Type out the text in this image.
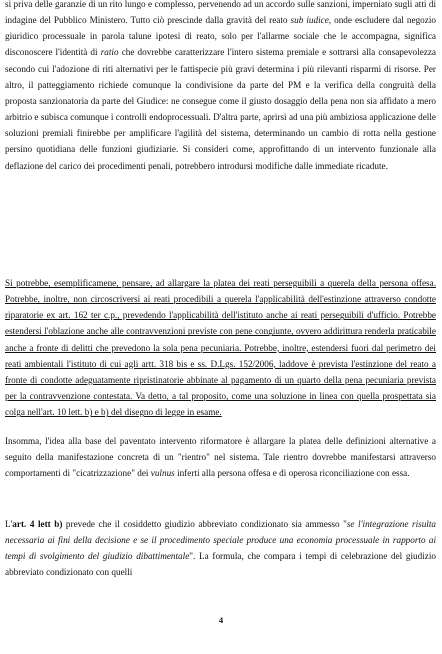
si priva delle garanzie di un rito lungo e complesso, pervenendo ad un accordo sulle sanzioni, imperniato sugli atti di indagine del Pubblico Ministero. Tutto ciò prescinde dalla gravità del reato sub iudice, onde escludere dal negozio giuridico processuale in parola talune ipotesi di reato, solo per l'allarme sociale che le accompagna, significa disconoscere l'identità di ratio che dovrebbe caratterizzare l'intero sistema premiale e sottrarsi alla consapevolezza secondo cui l'adozione di riti alternativi per le fattispecie più gravi determina i più rilevanti risparmi di risorse. Per altro, il patteggiamento richiede comunque la condivisione da parte del PM e la verifica della congruità della proposta sanzionatoria da parte del Giudice: ne consegue come il giusto dosaggio della pena non sia affidato a mero arbitrio e subisca comunque i controlli endoprocessuali. D'altra parte, aprirsi ad una più ambiziosa applicazione delle soluzioni premiali finirebbe per amplificare l'agilità del sistema, determinando un cambio di rotta nella gestione persino quotidiana delle funzioni giudiziarie. Si consideri come, approfittando di un intervento funzionale alla deflazione del carico dei procedimenti penali, potrebbero introdursi modifiche dalle immediate ricadute.

Si potrebbe, esemplificamene, pensare, ad allargare la platea dei reati perseguibili a querela della persona offesa. Potrebbe, inoltre, non circoscriversi ai reati procedibili a querela l'applicabilità dell'estinzione attraverso condotte riparatorie ex art. 162 ter c.p., prevedendo l'applicabilità dell'istituto anche ai reati perseguibili d'ufficio. Potrebbe estendersi l'oblazione anche alle contravvenzioni previste con pene congiunte, ovvero addirittura renderla praticabile anche a fronte di delitti che prevedono la sola pena pecuniaria. Potrebbe, inoltre, estendersi fuori dal perimetro dei reati ambientali l'istituto di cui agli artt. 318 bis e ss. D.Lgs. 152/2006, laddove è prevista l'estinzione del reato a fronte di condotte adeguatamente ripristinatorie abbinate al pagamento di un quarto della pena pecuniaria prevista per la contravvenzione contestata. Va detto, a tal proposito, come una soluzione in linea con quella prospettata sia colga nell'art. 10 lett. b) e b) del disegno di legge in esame.

Insomma, l'idea alla base del paventato intervento riformatore è allargare la platea delle definizioni alternative a seguito della manifestazione concreta di un "rientro" nel sistema. Tale rientro dovrebbe manifestarsi attraverso comportamenti di "cicatrizzazione" dei vulnus inferti alla persona offesa e di operosa riconciliazione con essa.

L'art. 4 lett b) prevede che il cosiddetto giudizio abbreviato condizionato sia ammesso "se l'integrazione risulta necessaria ai fini della decisione e se il procedimento speciale produce una economia processuale in rapporto ai tempi di svolgimento del giudizio dibattimentale". La formula, che compara i tempi di celebrazione del giudizio abbreviato condizionato con quelli

4
